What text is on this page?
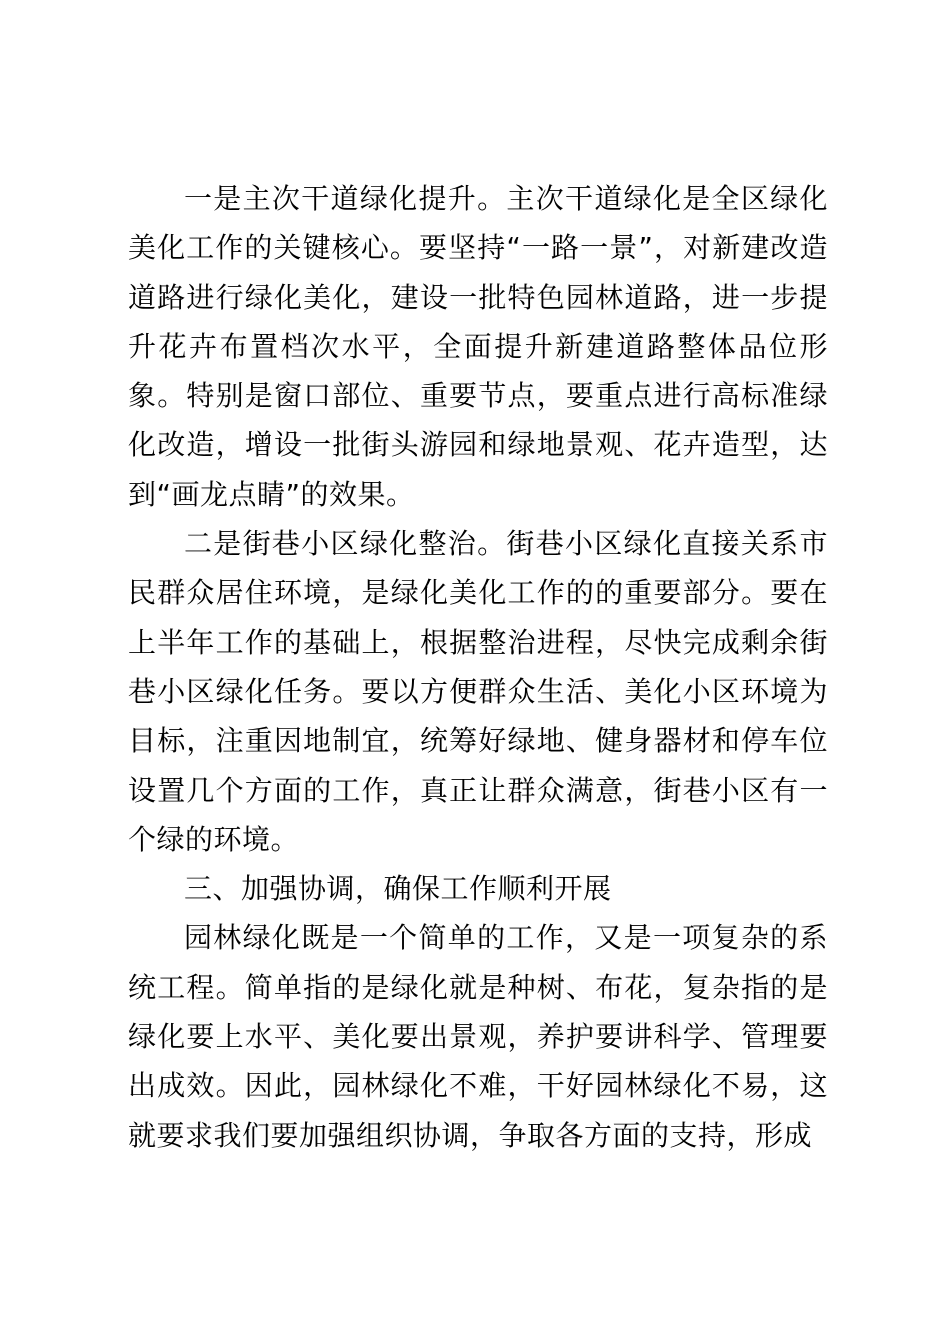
一是主次干道绿化提升。主次干道绿化是全区绿化美化工作的关键核心。要坚持“一路一景”，对新建改造道路进行绿化美化，建设一批特色园林道路，进一步提升花卉布置档次水平，全面提升新建道路整体品位形象。特别是窗口部位、重要节点，要重点进行高标准绿化改造，增设一批街头游园和绿地景观、花卉造型，达到“画龙点睛”的效果。

二是街巷小区绿化整治。街巷小区绿化直接关系市民群众居住环境，是绿化美化工作的的重要部分。要在上半年工作的基础上，根据整治进程，尽快完成剩余街巷小区绿化任务。要以方便群众生活、美化小区环境为目标，注重因地制宜，统筹好绿地、健身器材和停车位设置几个方面的工作，真正让群众满意，街巷小区有一个绿的环境。

三、加强协调，确保工作顺利开展

园林绿化既是一个简单的工作，又是一项复杂的系统工程。简单指的是绿化就是种树、布花，复杂指的是绿化要上水平、美化要出景观，养护要讲科学、管理要出成效。因此，园林绿化不难，干好园林绿化不易，这就要求我们要加强组织协调，争取各方面的支持，形成
